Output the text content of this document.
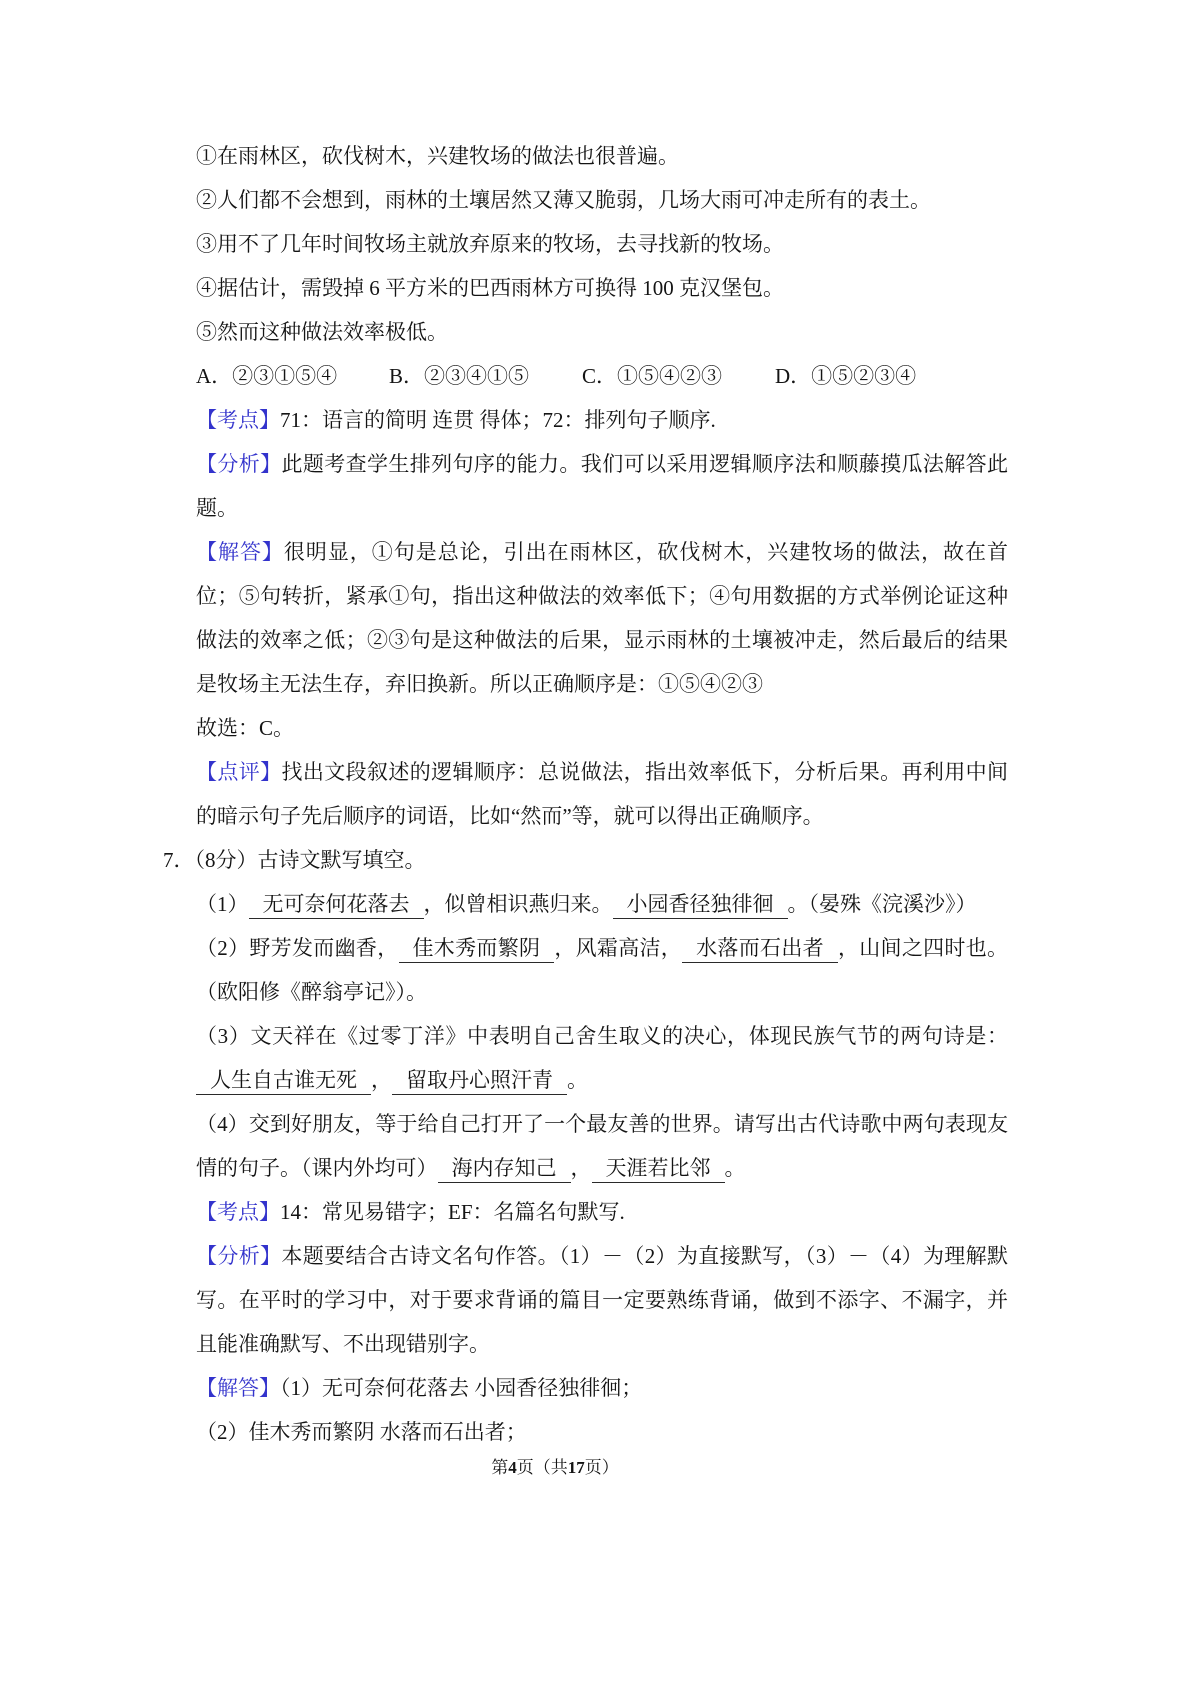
①在雨林区，砍伐树木，兴建牧场的做法也很普遍。

②人们都不会想到，雨林的土壤居然又薄又脆弱，几场大雨可冲走所有的表土。

③用不了几年时间牧场主就放弃原来的牧场，去寻找新的牧场。

④据估计，需毁掉 6 平方米的巴西雨林方可换得 100 克汉堡包。

⑤然而这种做法效率极低。

A．②③①⑤④	B．②③④①⑤	C．①⑤④②③	D．①⑤②③④

【考点】71：语言的简明 连贯 得体；72：排列句子顺序.

【分析】此题考查学生排列句序的能力。我们可以采用逻辑顺序法和顺藤摸瓜法解答此题。

【解答】很明显，①句是总论，引出在雨林区，砍伐树木，兴建牧场的做法，故在首位；⑤句转折，紧承①句，指出这种做法的效率低下；④句用数据的方式举例论证这种做法的效率之低；②③句是这种做法的后果，显示雨林的土壤被冲走，然后最后的结果是牧场主无法生存，弃旧换新。所以正确顺序是：①⑤④②③

故选：C。

【点评】找出文段叙述的逻辑顺序：总说做法，指出效率低下，分析后果。再利用中间的暗示句子先后顺序的词语，比如“然而”等，就可以得出正确顺序。

7．（8分）古诗文默写填空。

（1） 无可奈何花落去 ，似曾相识燕归来。 小园香径独徘徊 。（晏殊《浣溪沙》）

（2）野芳发而幽香， 佳木秀而繁阴 ，风霜高洁， 水落而石出者 ，山间之四时也。（欧阳修《醉翁亭记》）。

（3）文天祥在《过零丁洋》中表明自己舍生取义的决心，体现民族气节的两句诗是：人生自古谁无死 ， 留取丹心照汗青 。

（4）交到好朋友，等于给自己打开了一个最友善的世界。请写出古代诗歌中两句表现友情的句子。（课内外均可） 海内存知己 ， 天涯若比邻 。

【考点】14：常见易错字；EF：名篇名句默写.

【分析】本题要结合古诗文名句作答。（1）－（2）为直接默写，（3）－（4）为理解默写。在平时的学习中，对于要求背诵的篇目一定要熟练背诵，做到不添字、不漏字，并且能准确默写、不出现错别字。

【解答】（1）无可奈何花落去 小园香径独徘徊；

（2）佳木秀而繁阴 水落而石出者；

第4页（共17页）
